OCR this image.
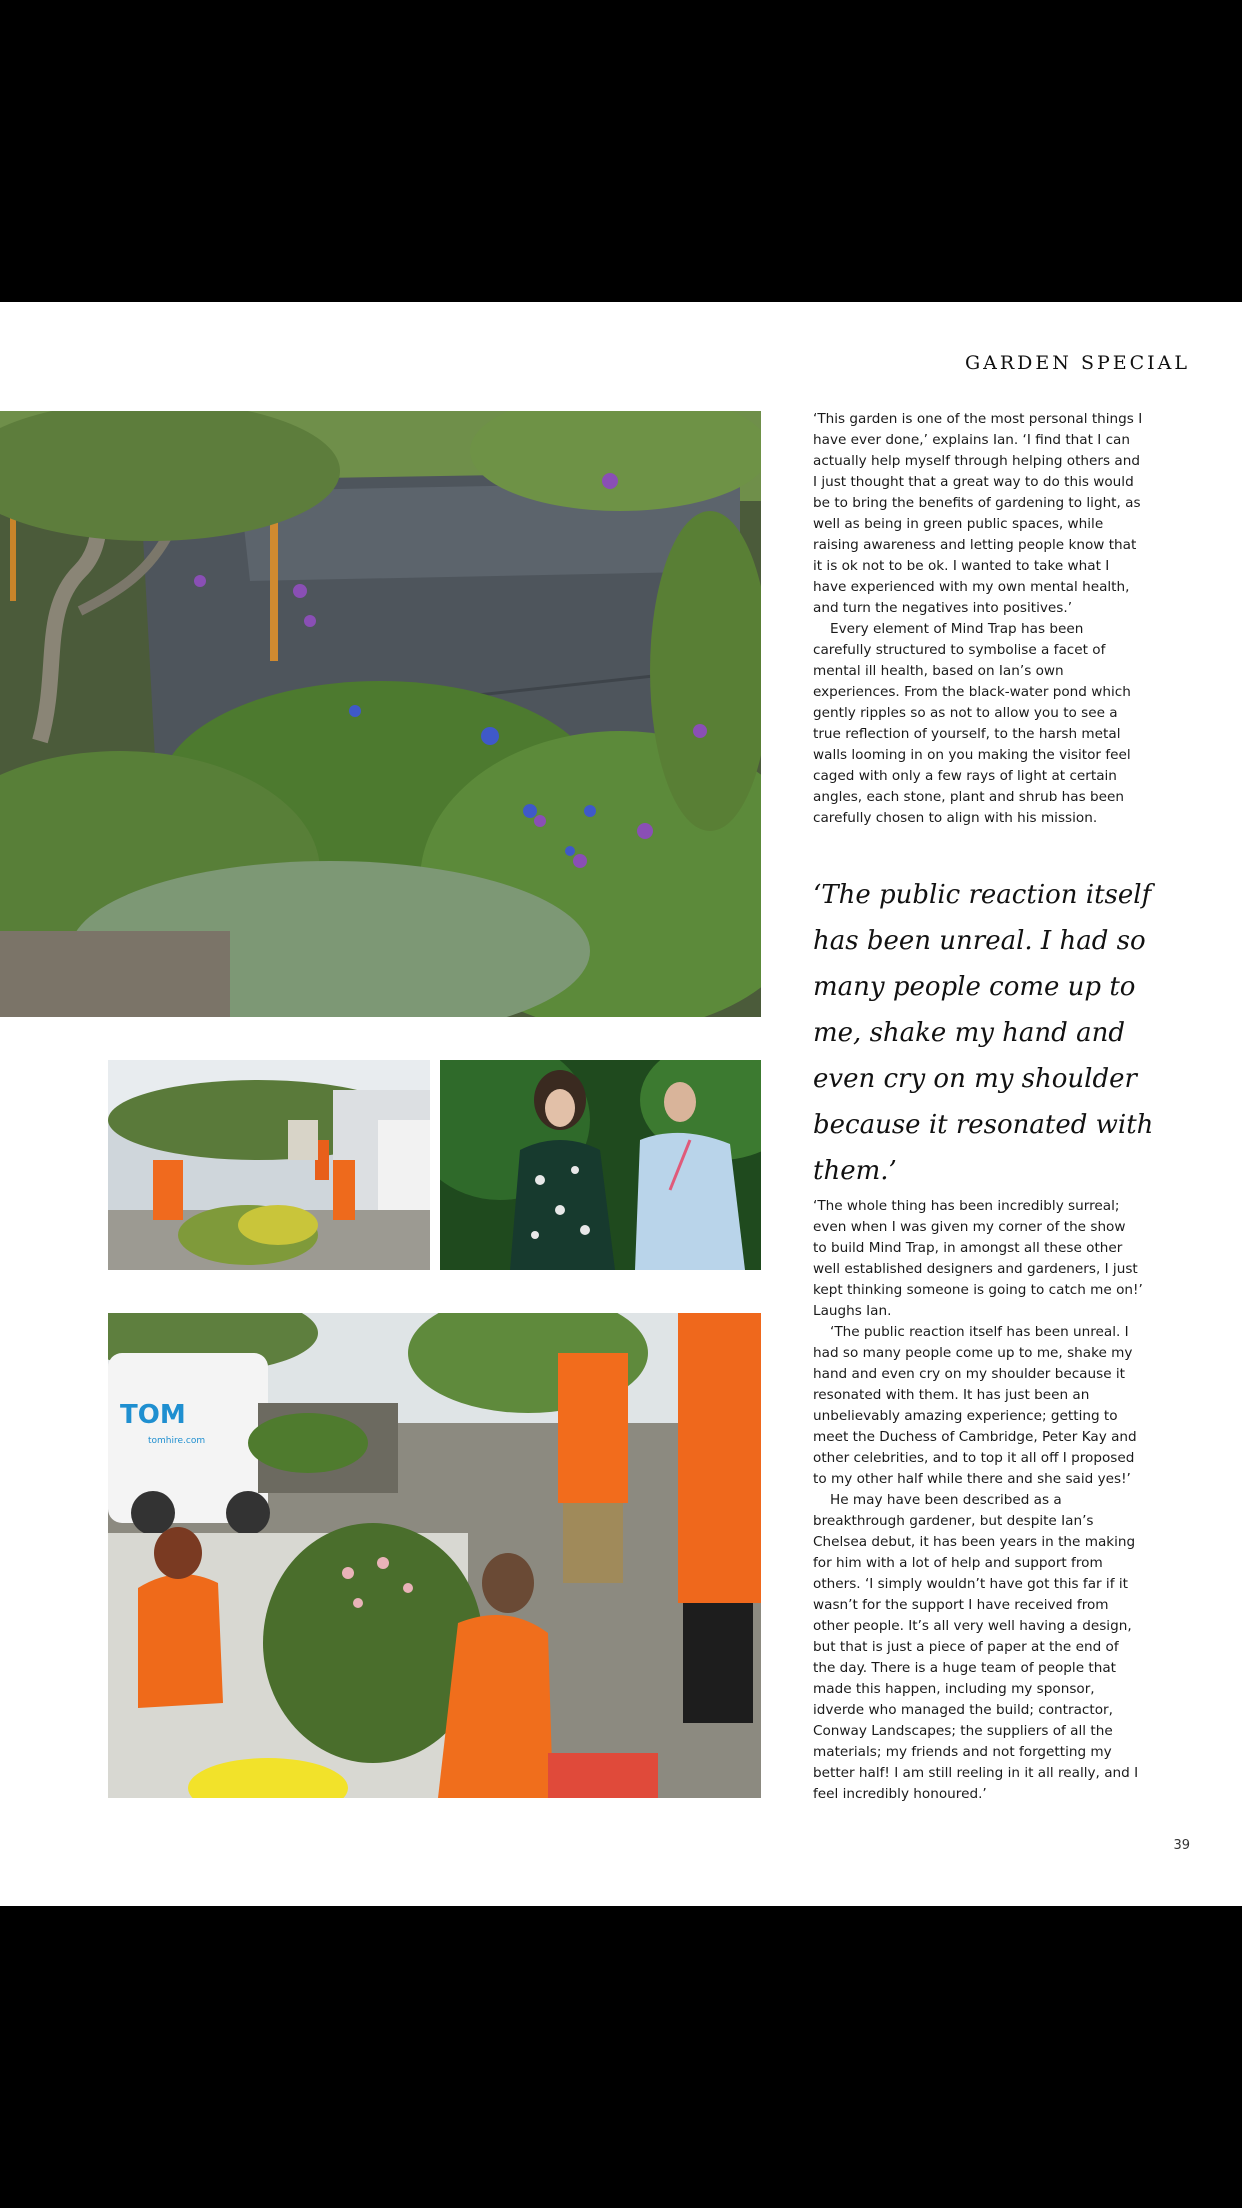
GARDEN SPECIAL
TOM
tomhire.com

‘This garden is one of the most personal things I have ever done,’ explains Ian. ‘I find that I can actually help myself through helping others and I just thought that a great way to do this would be to bring the benefits of gardening to light, as well as being in green public spaces, while raising awareness and letting people know that it is ok not to be ok. I wanted to take what I have experienced with my own mental health, and turn the negatives into positives.’

Every element of Mind Trap has been carefully structured to symbolise a facet of mental ill health, based on Ian’s own experiences. From the black-water pond which gently ripples so as not to allow you to see a true reflection of yourself, to the harsh metal walls looming in on you making the visitor feel caged with only a few rays of light at certain angles, each stone, plant and shrub has been carefully chosen to align with his mission.

‘The public reaction itself has been unreal. I had so many people come up to me, shake my hand and even cry on my shoulder because it resonated with them.’

‘The whole thing has been incredibly surreal; even when I was given my corner of the show to build Mind Trap, in amongst all these other well established designers and gardeners, I just kept thinking someone is going to catch me on!’ Laughs Ian.

‘The public reaction itself has been unreal. I had so many people come up to me, shake my hand and even cry on my shoulder because it resonated with them. It has just been an unbelievably amazing experience; getting to meet the Duchess of Cambridge, Peter Kay and other celebrities, and to top it all off I proposed to my other half while there and she said yes!’

He may have been described as a breakthrough gardener, but despite Ian’s Chelsea debut, it has been years in the making for him with a lot of help and support from others. ‘I simply wouldn’t have got this far if it wasn’t for the support I have received from other people. It’s all very well having a design, but that is just a piece of paper at the end of the day. There is a huge team of people that made this happen, including my sponsor, idverde who managed the build; contractor, Conway Landscapes; the suppliers of all the materials; my friends and not forgetting my better half! I am still reeling in it all really, and I feel incredibly honoured.’

39
